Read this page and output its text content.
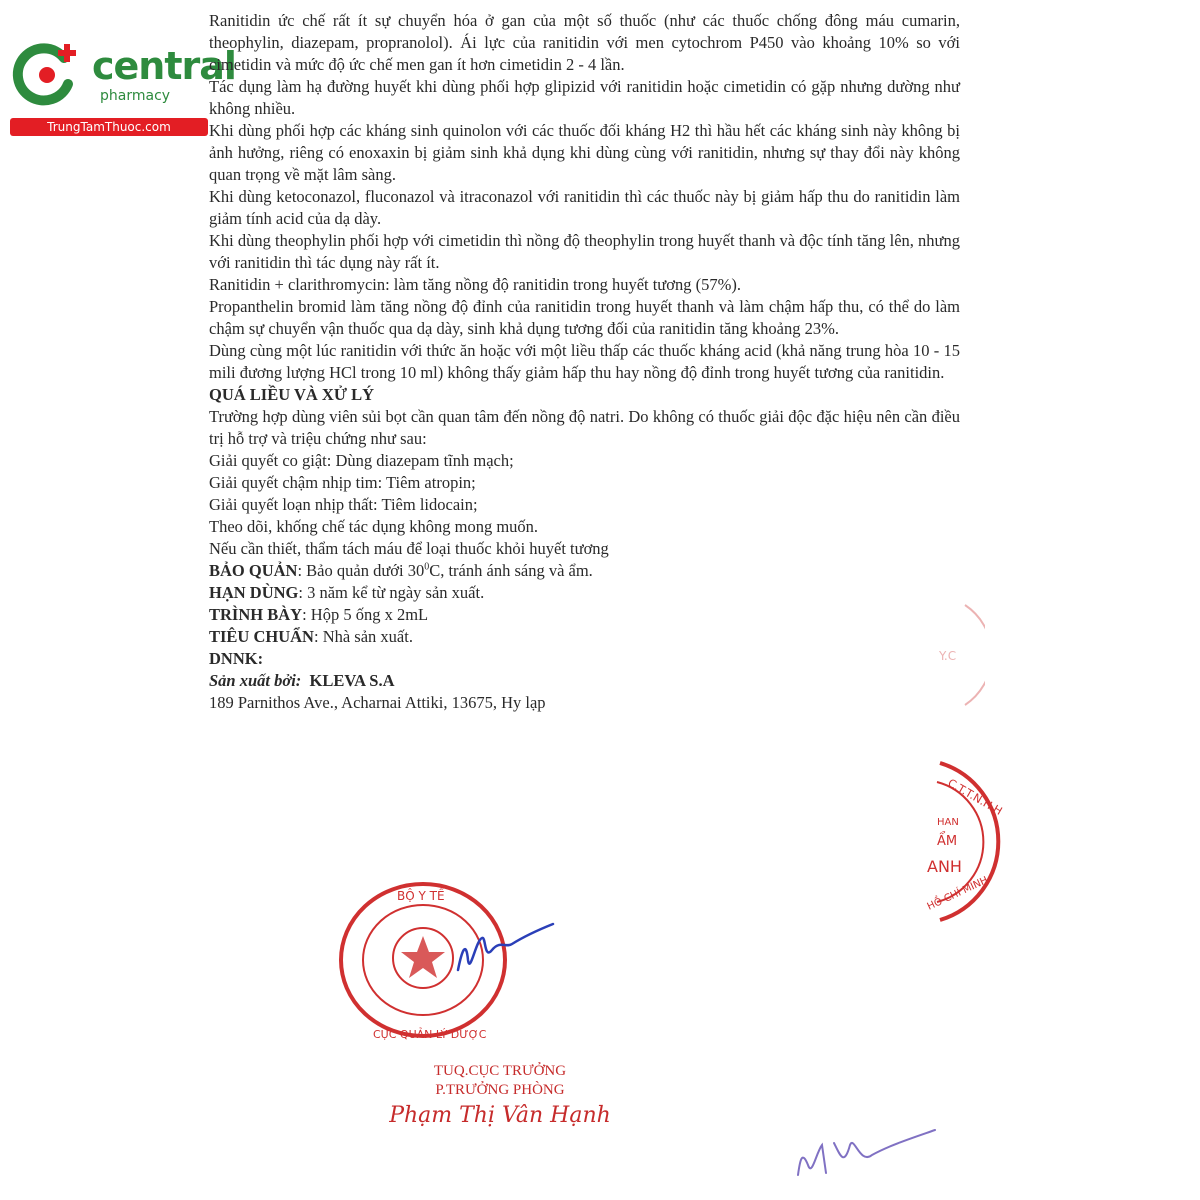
central
pharmacy
TrungTamThuoc.com

Ranitidin ức chế rất ít sự chuyển hóa ở gan của một số thuốc (như các thuốc chống đông máu cumarin, theophylin, diazepam, propranolol). Ái lực của ranitidin với men cytochrom P450 vào khoảng 10% so với cimetidin và mức độ ức chế men gan ít hơn cimetidin 2 - 4 lần.

Tác dụng làm hạ đường huyết khi dùng phối hợp glipizid với ranitidin hoặc cimetidin có gặp nhưng dường như không nhiều.

Khi dùng phối hợp các kháng sinh quinolon với các thuốc đối kháng H2 thì hầu hết các kháng sinh này không bị ảnh hưởng, riêng có enoxaxin bị giảm sinh khả dụng khi dùng cùng với ranitidin, nhưng sự thay đổi này không quan trọng về mặt lâm sàng.

Khi dùng ketoconazol, fluconazol và itraconazol với ranitidin thì các thuốc này bị giảm hấp thu do ranitidin làm giảm tính acid của dạ dày.

Khi dùng theophylin phối hợp với cimetidin thì nồng độ theophylin trong huyết thanh và độc tính tăng lên, nhưng với ranitidin thì tác dụng này rất ít.

Ranitidin + clarithromycin: làm tăng nồng độ ranitidin trong huyết tương (57%).

Propanthelin bromid làm tăng nồng độ đỉnh của ranitidin trong huyết thanh và làm chậm hấp thu, có thể do làm chậm sự chuyển vận thuốc qua dạ dày, sinh khả dụng tương đối của ranitidin tăng khoảng 23%.

Dùng cùng một lúc ranitidin với thức ăn hoặc với một liều thấp các thuốc kháng acid (khả năng trung hòa 10 - 15 mili đương lượng HCl trong 10 ml) không thấy giảm hấp thu hay nồng độ đỉnh trong huyết tương của ranitidin.

QUÁ LIỀU VÀ XỬ LÝ

Trường hợp dùng viên sủi bọt cần quan tâm đến nồng độ natri. Do không có thuốc giải độc đặc hiệu nên cần điều trị hỗ trợ và triệu chứng như sau:

Giải quyết co giật: Dùng diazepam tĩnh mạch;

Giải quyết chậm nhịp tim: Tiêm atropin;

Giải quyết loạn nhịp thất: Tiêm lidocain;

Theo dõi, khống chế tác dụng không mong muốn.

Nếu cần thiết, thẩm tách máu để loại thuốc khỏi huyết tương

BẢO QUẢN: Bảo quản dưới $30^0C$, tránh ánh sáng và ẩm.

HẠN DÙNG: 3 năm kể từ ngày sản xuất.

TRÌNH BÀY: Hộp 5 ống x 2mL

TIÊU CHUẨN: Nhà sản xuất.

DNNK:

Sản xuất bởi: KLEVA S.A

189 Parnithos Ave., Acharnai Attiki, 13675, Hy lạp

Y.C
C.T.T.N.H.H
HAN
ẨM
ANH
HỒ CHÍ MINH
BỘ Y TẾ
CỤC QUẢN LÝ DƯỢC
TUQ.CỤC TRƯỞNG
P.TRƯỞNG PHÒNG
Phạm Thị Vân Hạnh
